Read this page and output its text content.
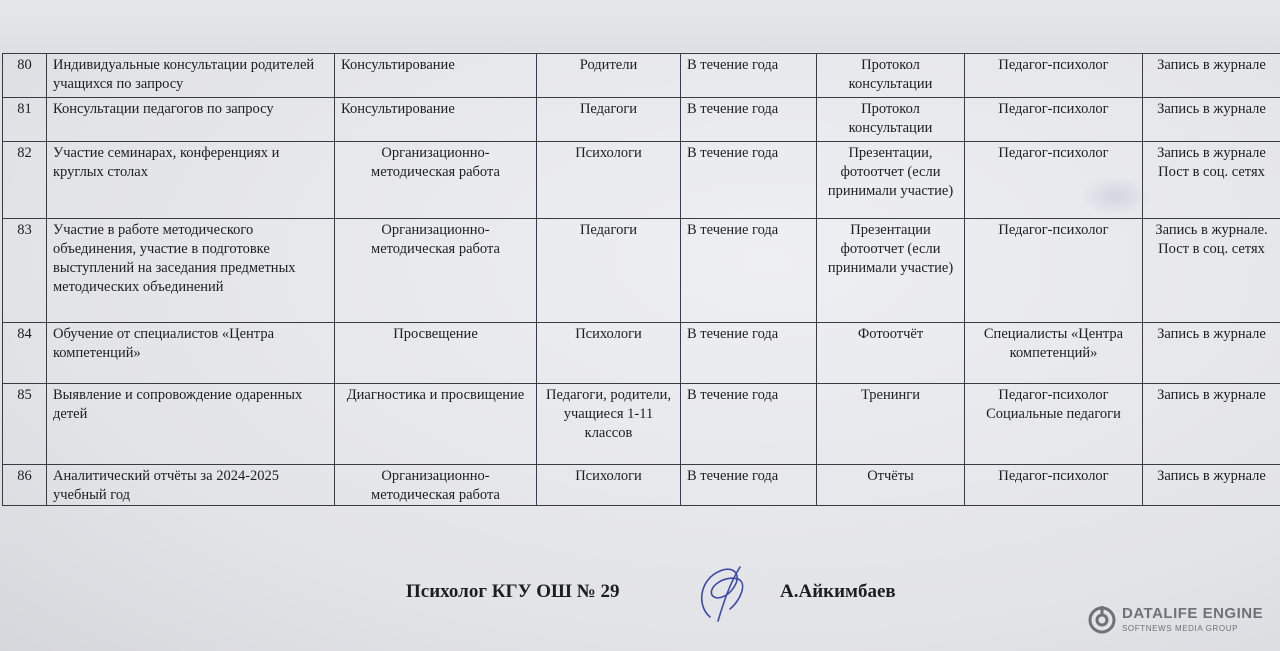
80	Индивидуальные консультации родителей учащихся по запросу	Консультирование	Родители	В течение года	Протокол консультации	Педагог-психолог	Запись в журнале
81	Консультации педагогов по запросу	Консультирование	Педагоги	В течение года	Протокол консультации	Педагог-психолог	Запись в журнале
82	Участие семинарах, конференциях и круглых столах	Организационно-методическая работа	Психологи	В течение года	Презентации, фотоотчет (если принимали участие)	Педагог-психолог	Запись в журнале Пост в соц. сетях
83	Участие в работе методического объединения, участие в подготовке выступлений на заседания предметных методических объединений	Организационно-методическая работа	Педагоги	В течение года	Презентации фотоотчет (если принимали участие)	Педагог-психолог	Запись в журнале. Пост в соц. сетях
84	Обучение от специалистов «Центра компетенций»	Просвещение	Психологи	В течение года	Фотоотчёт	Специалисты «Центра компетенций»	Запись в журнале
85	Выявление и сопровождение одаренных детей	Диагностика и просвищение	Педагоги, родители, учащиеся 1-11 классов	В течение года	Тренинги	Педагог-психолог Социальные педагоги	Запись в журнале
86	Аналитический отчёты за 2024-2025 учебный год	Организационно-методическая работа	Психологи	В течение года	Отчёты	Педагог-психолог	Запись в журнале
Психолог КГУ ОШ № 29	А.Айкимбаев
DATALIFE ENGINE
SOFTNEWS MEDIA GROUP
